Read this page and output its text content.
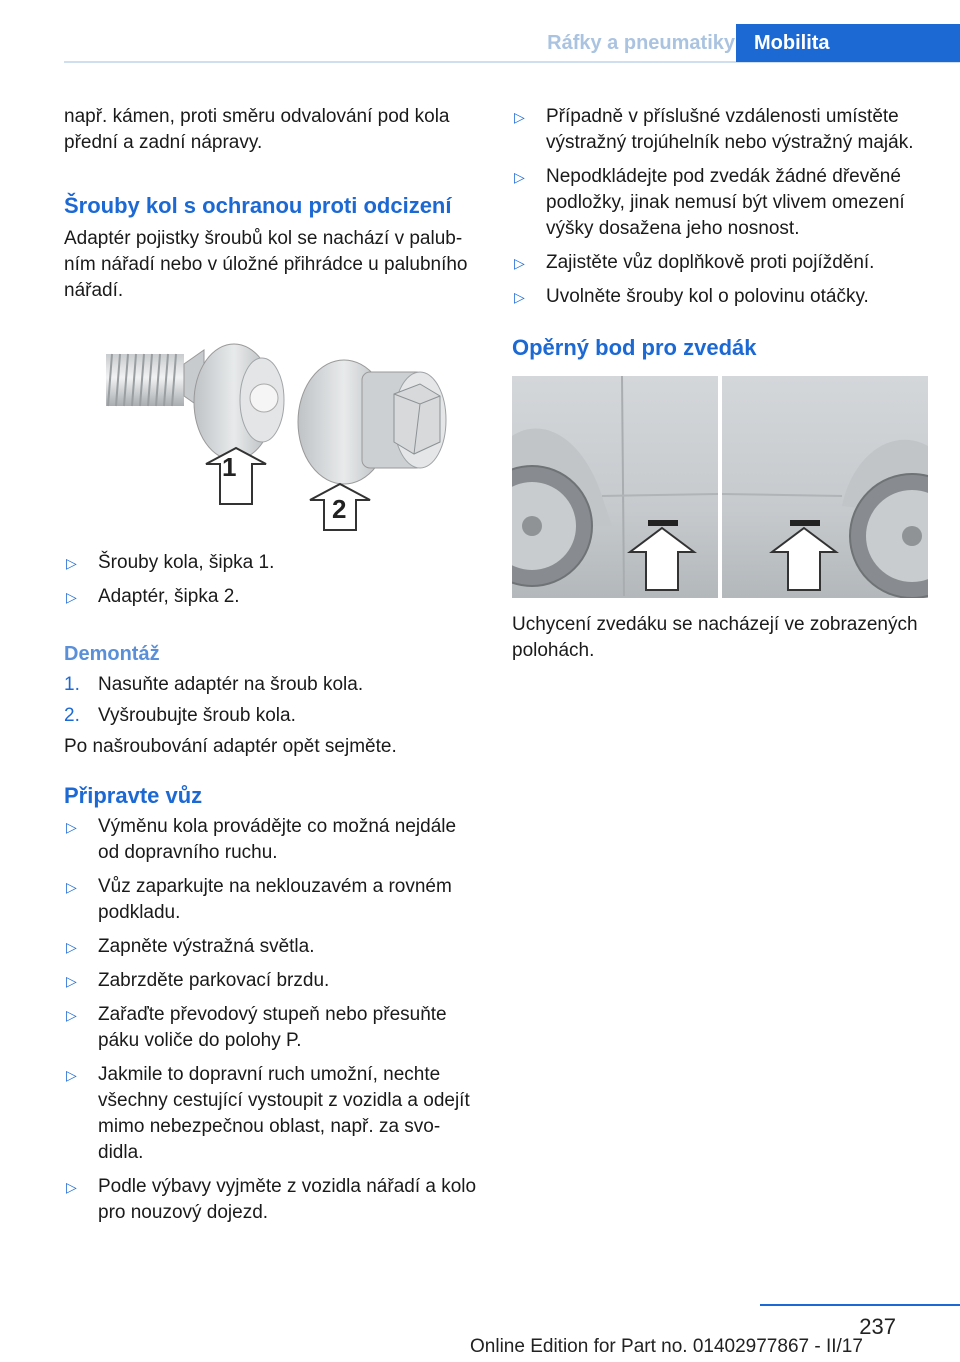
Ráfky a pneumatiky Mobilita

např. kámen, proti směru odvalování pod kola přední a zadní nápravy.

Šrouby kol s ochranou proti odcizení

Adaptér pojistky šroubů kol se nachází v palubním nářadí nebo v úložné přihrádce u palubního nářadí.

1
2
▷ Šrouby kola, šipka 1.
▷ Adaptér, šipka 2.
Demontáž
1. Nasuňte adaptér na šroub kola.
2. Vyšroubujte šroub kola.

Po našroubování adaptér opět sejměte.

Připravte vůz
▷ Výměnu kola provádějte co možná nejdále od dopravního ruchu.
▷ Vůz zaparkujte na neklouzavém a rovném podkladu.
▷ Zapněte výstražná světla.
▷ Zabrzděte parkovací brzdu.
▷ Zařaďte převodový stupeň nebo přesuňte páku voliče do polohy P.
▷ Jakmile to dopravní ruch umožní, nechte všechny cestující vystoupit z vozidla a odejít mimo nebezpečnou oblast, např. za svodidla.
▷ Podle výbavy vyjměte z vozidla nářadí a kolo pro nouzový dojezd.
▷ Případně v příslušné vzdálenosti umístěte výstražný trojúhelník nebo výstražný maják.
▷ Nepodkládejte pod zvedák žádné dřevěné podložky, jinak nemusí být vlivem omezení výšky dosažena jeho nosnost.
▷ Zajistěte vůz doplňkově proti pojíždění.
▷ Uvolněte šrouby kol o polovinu otáčky.
Opěrný bod pro zvedák

Uchycení zvedáku se nacházejí ve zobrazených polohách.

237
Online Edition for Part no. 01402977867 - II/17
